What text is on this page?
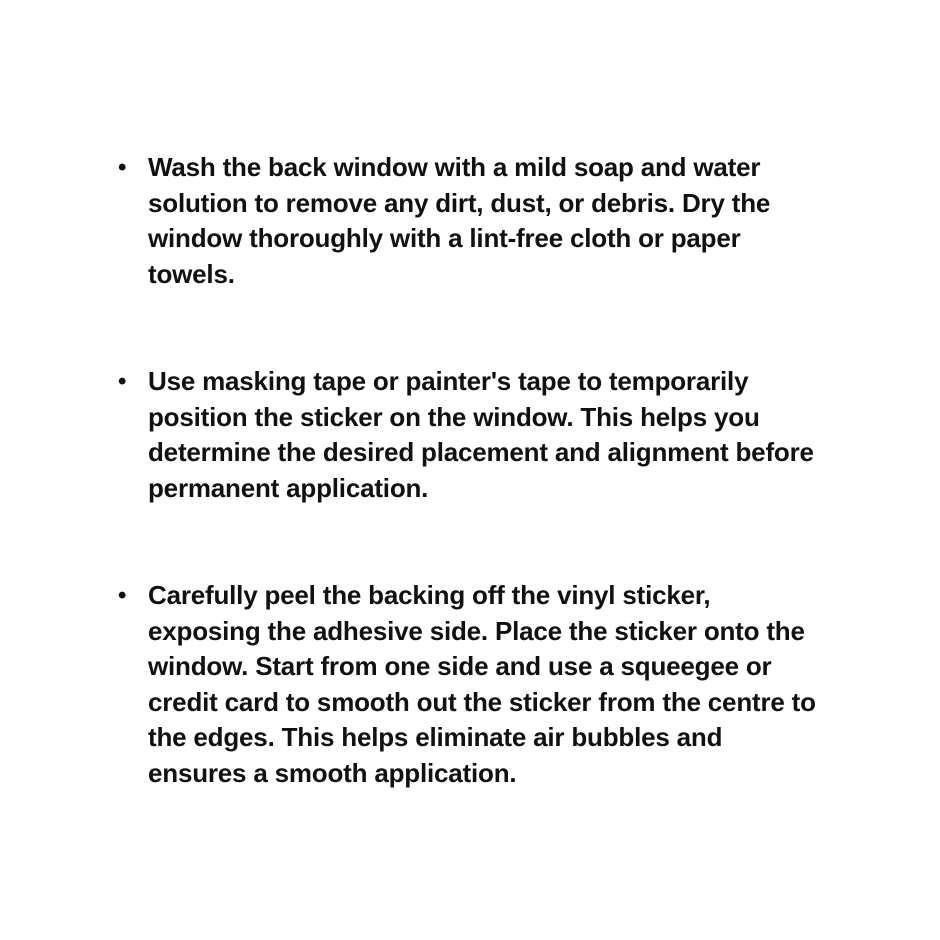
• Wash the back window with a mild soap and water solution to remove any dirt, dust, or debris. Dry the window thoroughly with a lint-free cloth or paper towels.
• Use masking tape or painter's tape to temporarily position the sticker on the window. This helps you determine the desired placement and alignment before permanent application.
• Carefully peel the backing off the vinyl sticker, exposing the adhesive side. Place the sticker onto the window. Start from one side and use a squeegee or credit card to smooth out the sticker from the centre to the edges. This helps eliminate air bubbles and ensures a smooth application.
